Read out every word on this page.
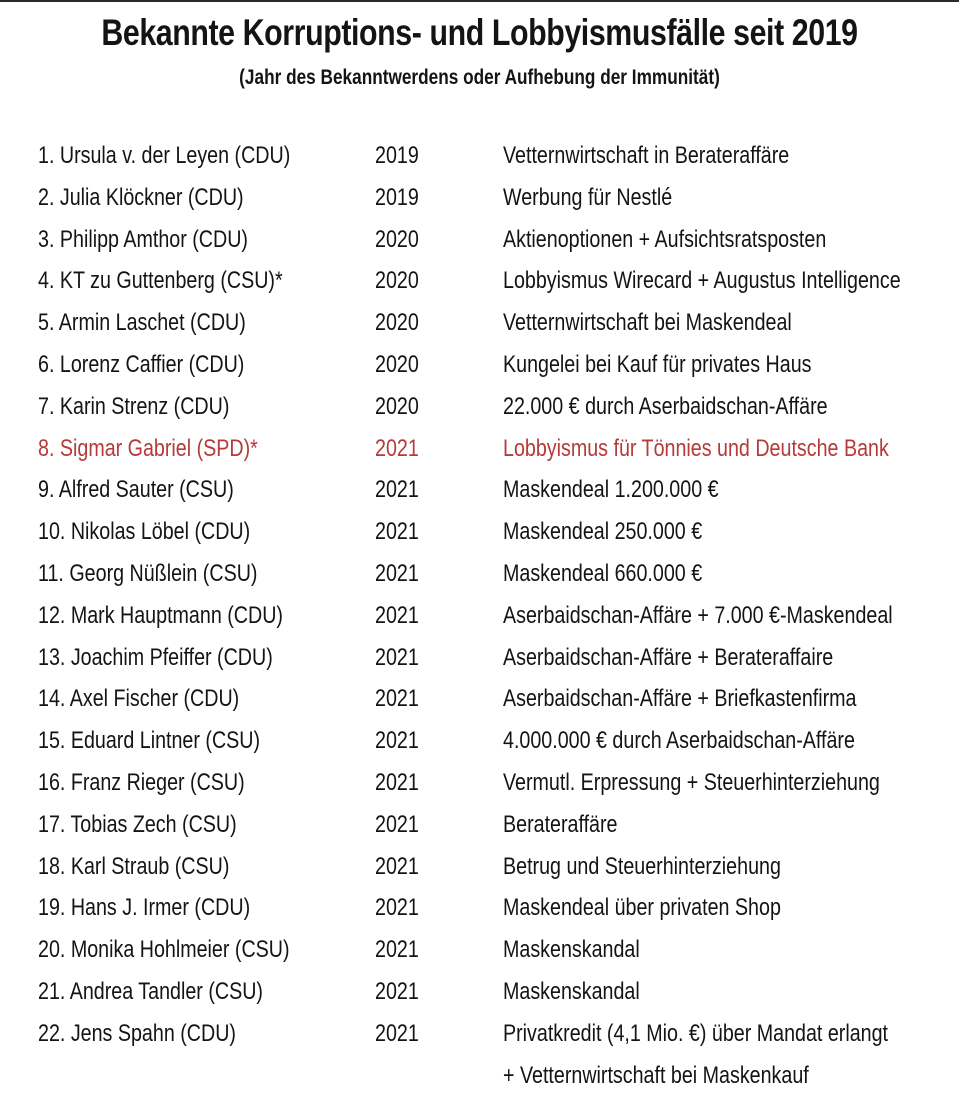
Bekannte Korruptions- und Lobbyismusfälle seit 2019
(Jahr des Bekanntwerdens oder Aufhebung der Immunität)
1. Ursula v. der Leyen (CDU)	2019	Vetternwirtschaft in Berateraffäre
2. Julia Klöckner (CDU)	2019	Werbung für Nestlé
3. Philipp Amthor (CDU)	2020	Aktienoptionen + Aufsichtsratsposten
4. KT zu Guttenberg (CSU)*	2020	Lobbyismus Wirecard + Augustus Intelligence
5. Armin Laschet (CDU)	2020	Vetternwirtschaft bei Maskendeal
6. Lorenz Caffier (CDU)	2020	Kungelei bei Kauf für privates Haus
7. Karin Strenz (CDU)	2020	22.000 € durch Aserbaidschan-Affäre
8. Sigmar Gabriel (SPD)*	2021	Lobbyismus für Tönnies und Deutsche Bank
9. Alfred Sauter (CSU)	2021	Maskendeal 1.200.000 €
10. Nikolas Löbel (CDU)	2021	Maskendeal 250.000 €
11. Georg Nüßlein (CSU)	2021	Maskendeal 660.000 €
12. Mark Hauptmann (CDU)	2021	Aserbaidschan-Affäre + 7.000 €-Maskendeal
13. Joachim Pfeiffer (CDU)	2021	Aserbaidschan-Affäre + Berateraffaire
14. Axel Fischer (CDU)	2021	Aserbaidschan-Affäre + Briefkastenfirma
15. Eduard Lintner (CSU)	2021	4.000.000 € durch Aserbaidschan-Affäre
16. Franz Rieger (CSU)	2021	Vermutl. Erpressung + Steuerhinterziehung
17. Tobias Zech (CSU)	2021	Berateraffäre
18. Karl Straub (CSU)	2021	Betrug und Steuerhinterziehung
19. Hans J. Irmer (CDU)	2021	Maskendeal über privaten Shop
20. Monika Hohlmeier (CSU)	2021	Maskenskandal
21. Andrea Tandler (CSU)	2021	Maskenskandal
22. Jens Spahn (CDU)	2021	Privatkredit (4,1 Mio. €) über Mandat erlangt
+ Vetternwirtschaft bei Maskenkauf
